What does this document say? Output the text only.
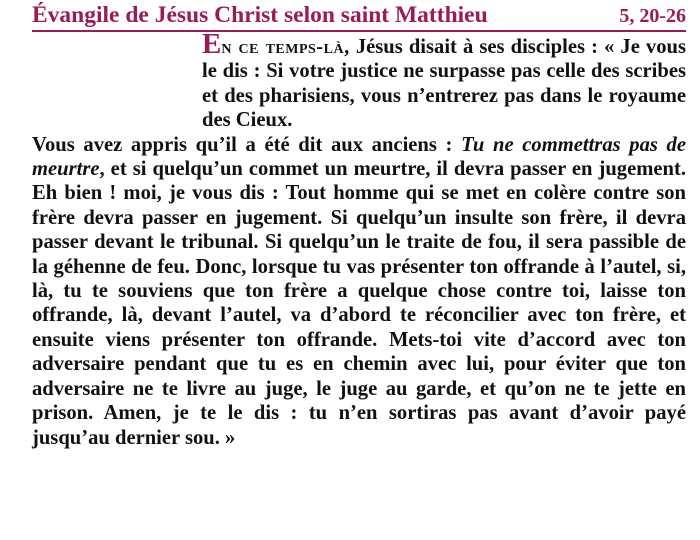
Évangile de Jésus Christ selon saint Matthieu	5, 20-26

En ce temps-là, Jésus disait à ses disciples : « Je vous le dis : Si votre justice ne surpasse pas celle des scribes et des pharisiens, vous n’entrerez pas dans le royaume des Cieux.

Vous avez appris qu’il a été dit aux anciens : Tu ne commettras pas de meurtre, et si quelqu’un commet un meurtre, il devra passer en jugement. Eh bien ! moi, je vous dis : Tout homme qui se met en colère contre son frère devra passer en jugement. Si quelqu’un insulte son frère, il devra passer devant le tribunal. Si quelqu’un le traite de fou, il sera passible de la géhenne de feu. Donc, lorsque tu vas présenter ton offrande à l’autel, si, là, tu te souviens que ton frère a quelque chose contre toi, laisse ton offrande, là, devant l’autel, va d’abord te réconcilier avec ton frère, et ensuite viens présenter ton offrande. Mets-toi vite d’accord avec ton adversaire pendant que tu es en chemin avec lui, pour éviter que ton adversaire ne te livre au juge, le juge au garde, et qu’on ne te jette en prison. Amen, je te le dis : tu n’en sortiras pas avant d’avoir payé jusqu’au dernier sou. »
